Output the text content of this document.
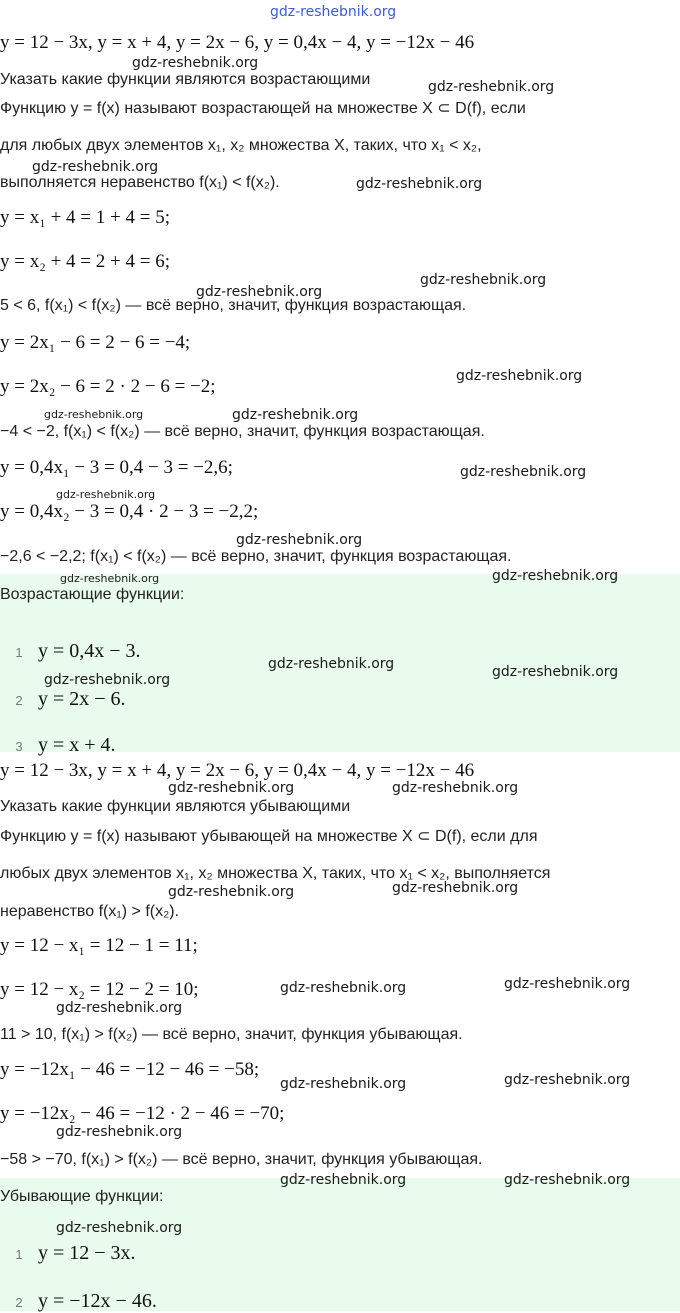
gdz-reshebnik.org
y = 12 − 3x, y = x + 4, y = 2x − 6, y = 0,4x − 4, y = −12x − 46
Указать какие функции являются возрастающими
Функцию y = f(x) называют возрастающей на множестве X ⊂ D(f), если
для любых двух элементов x₁, x₂ множества X, таких, что x₁ < x₂,
выполняется неравенство f(x₁) < f(x₂).
y = x₁ + 4 = 1 + 4 = 5;
y = x₂ + 4 = 2 + 4 = 6;
5 < 6, f(x₁) < f(x₂) — всё верно, значит, функция возрастающая.
y = 2x₁ − 6 = 2 − 6 = −4;
y = 2x₂ − 6 = 2 · 2 − 6 = −2;
−4 < −2, f(x₁) < f(x₂) — всё верно, значит, функция возрастающая.
y = 0,4x₁ − 3 = 0,4 − 3 = −2,6;
y = 0,4x₂ − 3 = 0,4 · 2 − 3 = −2,2;
−2,6 < −2,2; f(x₁) < f(x₂) — всё верно, значит, функция возрастающая.
Возрастающие функции:
1 y = 0,4x − 3.
2 y = 2x − 6.
3 y = x + 4.
y = 12 − 3x, y = x + 4, y = 2x − 6, y = 0,4x − 4, y = −12x − 46
Указать какие функции являются убывающими
Функцию y = f(x) называют убывающей на множестве X ⊂ D(f), если для
любых двух элементов x₁, x₂ множества X, таких, что x₁ < x₂, выполняется
неравенство f(x₁) > f(x₂).
y = 12 − x₁ = 12 − 1 = 11;
y = 12 − x₂ = 12 − 2 = 10;
11 > 10, f(x₁) > f(x₂) — всё верно, значит, функция убывающая.
y = −12x₁ − 46 = −12 − 46 = −58;
y = −12x₂ − 46 = −12 · 2 − 46 = −70;
−58 > −70, f(x₁) > f(x₂) — всё верно, значит, функция убывающая.
Убывающие функции:
1 y = 12 − 3x.
2 y = −12x − 46.
gdz-reshebnik.org
gdz-reshebnik.org
gdz-reshebnik.org
gdz-reshebnik.org
gdz-reshebnik.org
gdz-reshebnik.org
gdz-reshebnik.org
gdz-reshebnik.org	gdz-reshebnik.org
gdz-reshebnik.org
gdz-reshebnik.org
gdz-reshebnik.org
gdz-reshebnik.org	gdz-reshebnik.org
gdz-reshebnik.org	gdz-reshebnik.org
gdz-reshebnik.org
gdz-reshebnik.org	gdz-reshebnik.org
gdz-reshebnik.org	gdz-reshebnik.org
gdz-reshebnik.org	gdz-reshebnik.org
gdz-reshebnik.org
gdz-reshebnik.org	gdz-reshebnik.org
gdz-reshebnik.org
gdz-reshebnik.org	gdz-reshebnik.org
gdz-reshebnik.org
